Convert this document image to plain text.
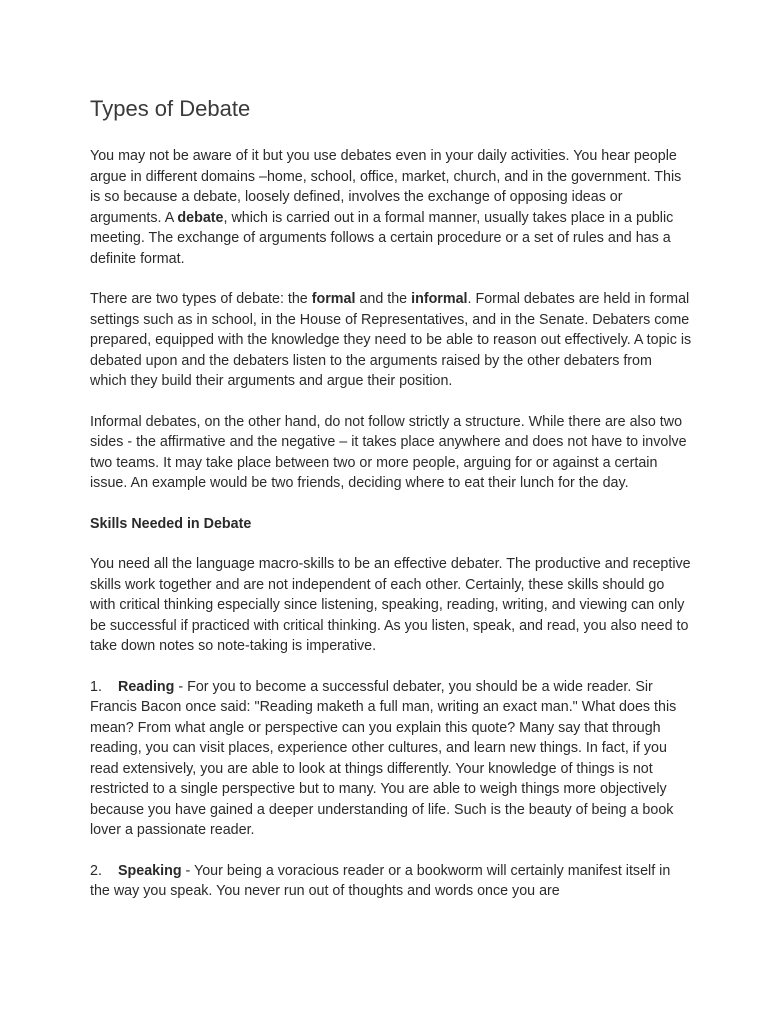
Types of Debate

You may not be aware of it but you use debates even in your daily activities. You hear people argue in different domains –home, school, office, market, church, and in the government. This is so because a debate, loosely defined, involves the exchange of opposing ideas or arguments. A debate, which is carried out in a formal manner, usually takes place in a public meeting. The exchange of arguments follows a certain procedure or a set of rules and has a definite format.

There are two types of debate: the formal and the informal. Formal debates are held in formal settings such as in school, in the House of Representatives, and in the Senate. Debaters come prepared, equipped with the knowledge they need to be able to reason out effectively. A topic is debated upon and the debaters listen to the arguments raised by the other debaters from which they build their arguments and argue their position.

Informal debates, on the other hand, do not follow strictly a structure. While there are also two sides - the affirmative and the negative – it takes place anywhere and does not have to involve two teams. It may take place between two or more people, arguing for or against a certain issue. An example would be two friends, deciding where to eat their lunch for the day.

Skills Needed in Debate

You need all the language macro-skills to be an effective debater. The productive and receptive skills work together and are not independent of each other. Certainly, these skills should go with critical thinking especially since listening, speaking, reading, writing, and viewing can only be successful if practiced with critical thinking. As you listen, speak, and read, you also need to take down notes so note-taking is imperative.

1. Reading - For you to become a successful debater, you should be a wide reader. Sir Francis Bacon once said: "Reading maketh a full man, writing an exact man." What does this mean? From what angle or perspective can you explain this quote? Many say that through reading, you can visit places, experience other cultures, and learn new things. In fact, if you read extensively, you are able to look at things differently. Your knowledge of things is not restricted to a single perspective but to many. You are able to weigh things more objectively because you have gained a deeper understanding of life. Such is the beauty of being a book lover a passionate reader.

2. Speaking - Your being a voracious reader or a bookworm will certainly manifest itself in the way you speak. You never run out of thoughts and words once you are
